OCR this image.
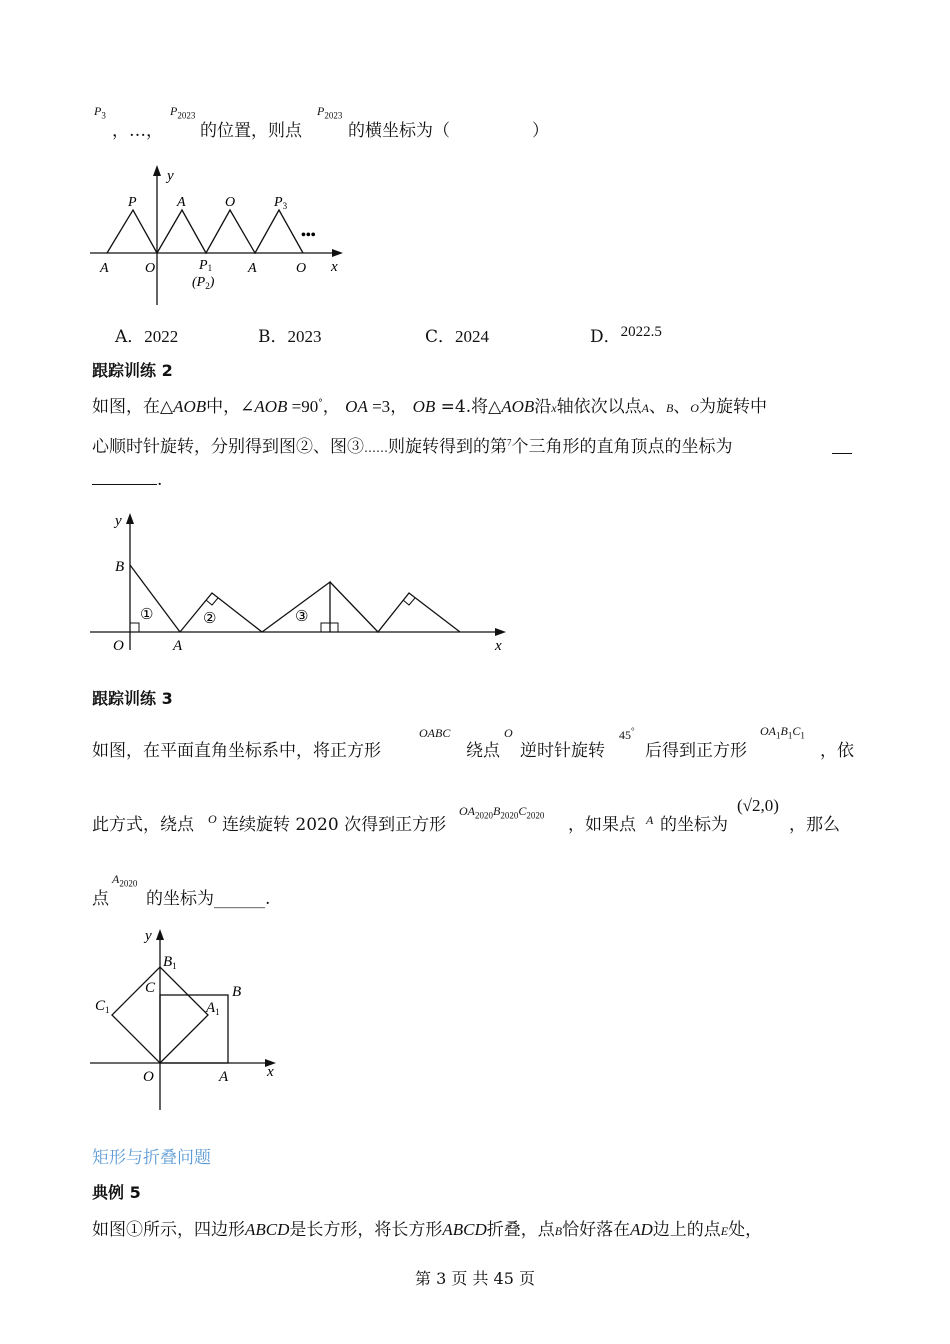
$P_3$
，…，
$P_{2023}$
的位置，则点
$P_{2023}$
的横坐标为（	）
y
x
P	A	O	$P_3$
•••
A	O	P1
$(P_2)$
A	O
A．2022	B．2023	C．2024	D．2022.5
跟踪训练 2
如图，在△AOB中，∠AOB =90°， OA =3， OB =4.将△AOB沿x轴依次以点A、B、O为旋转中
心顺时针旋转，分别得到图②、图③……则旋转得到的第$^7$个三角形的直角顶点的坐标为
.
y
B
O	A	x
①	②	③
跟踪训练 3
如图，在平面直角坐标系中，将正方形
OABC
绕点
O
逆时针旋转
45°
后得到正方形
$OA_1B_1C_1$
，依
此方式，绕点 O 连续旋转 2020 次得到正方形
$OA_{2020}B_{2020}C_{2020}$ ，如果点 A 的坐标为
(√2,0)
，那么
点
$A_{2020}$
的坐标为______.
y
$B_1$
C	B
$C_1$	$A_1$
O	A	x
矩形与折叠问题
典例 5
如图①所示，四边形ABCD是长方形，将长方形ABCD折叠，点B恰好落在AD边上的点E处，
第 3 页 共 45 页
